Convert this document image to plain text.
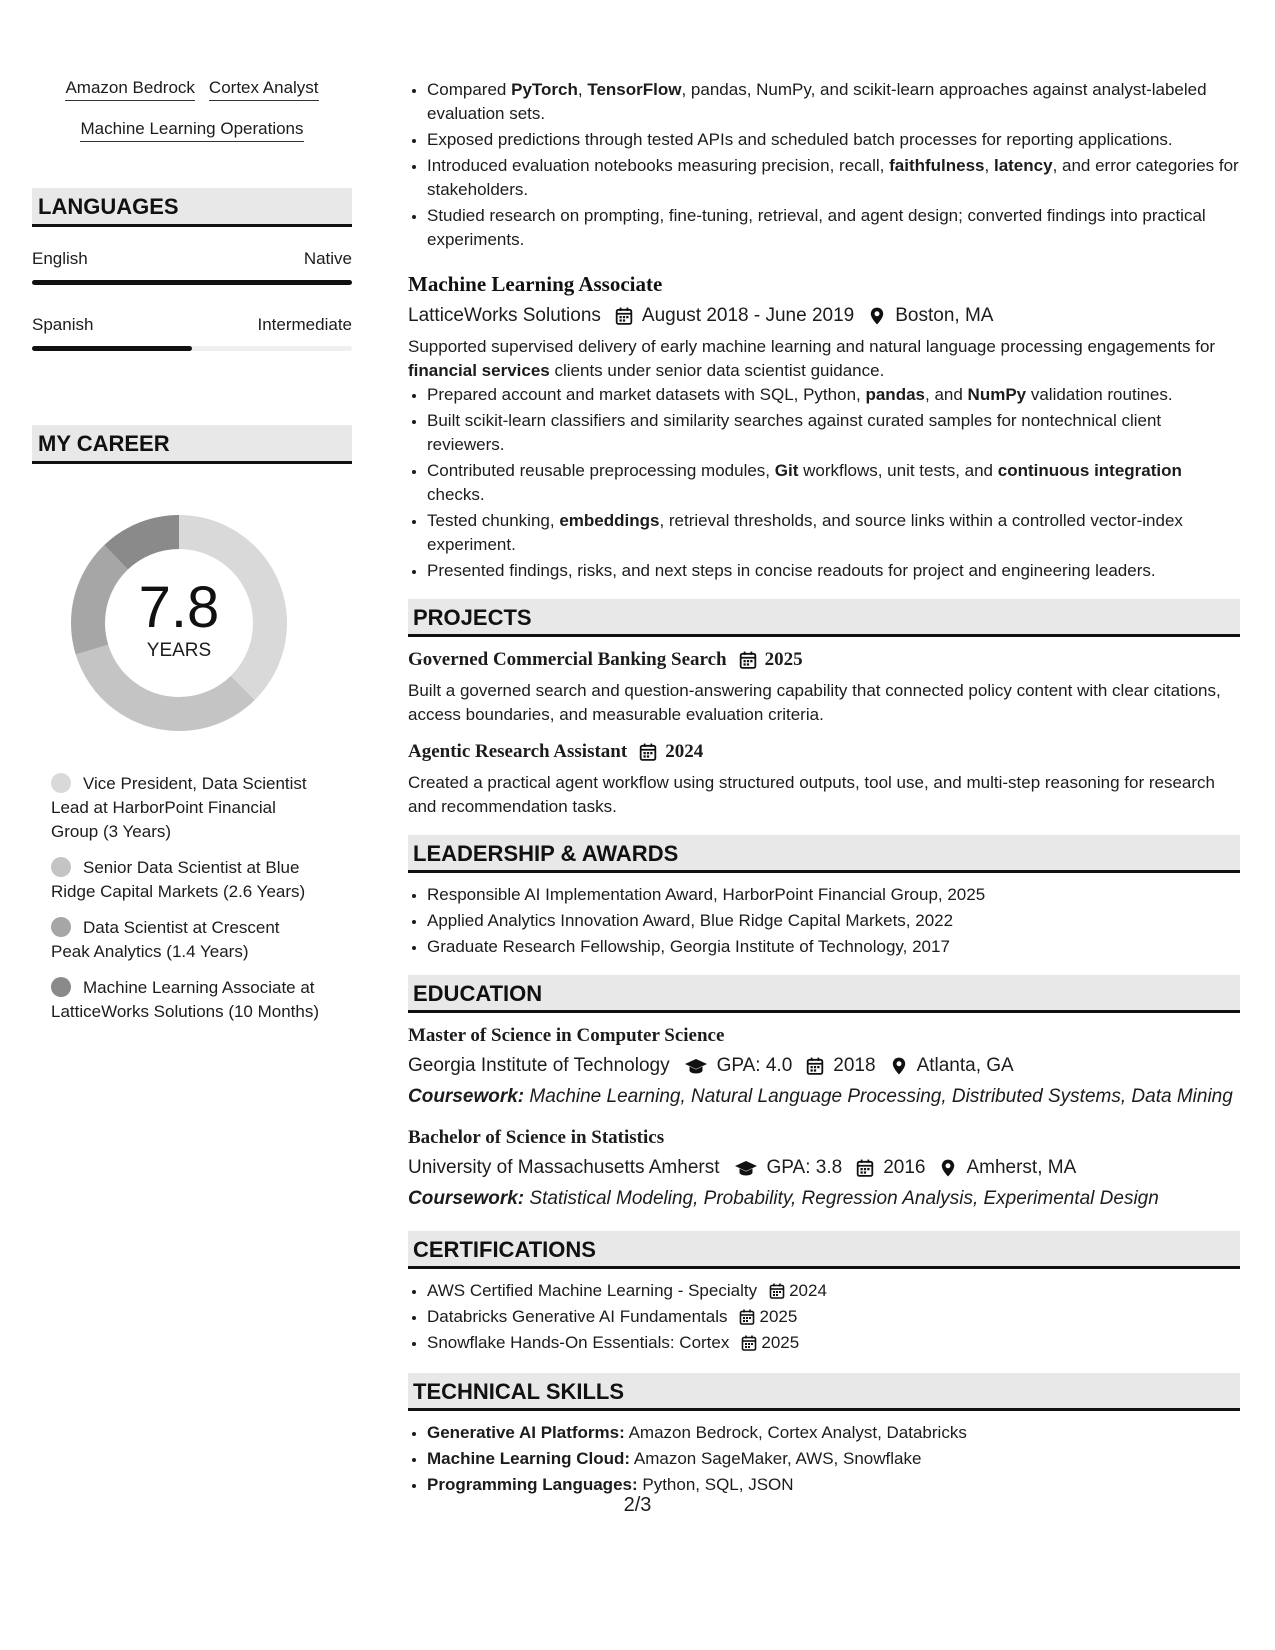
Amazon Bedrock Cortex Analyst
Machine Learning Operations
LANGUAGES
English	Native
Spanish	Intermediate
MY CAREER
7.8
YEARS
Vice President, Data Scientist Lead at HarborPoint Financial Group (3 Years)
Senior Data Scientist at Blue Ridge Capital Markets (2.6 Years)
Data Scientist at Crescent Peak Analytics (1.4 Years)
Machine Learning Associate at LatticeWorks Solutions (10 Months)
• Compared PyTorch, TensorFlow, pandas, NumPy, and scikit-learn approaches against analyst-labeled evaluation sets.
• Exposed predictions through tested APIs and scheduled batch processes for reporting applications.
• Introduced evaluation notebooks measuring precision, recall, faithfulness, latency, and error categories for stakeholders.
• Studied research on prompting, fine-tuning, retrieval, and agent design; converted findings into practical experiments.
Machine Learning Associate
LatticeWorks Solutions August 2018 - June 2019 Boston, MA
Supported supervised delivery of early machine learning and natural language processing engagements for financial services clients under senior data scientist guidance.
• Prepared account and market datasets with SQL, Python, pandas, and NumPy validation routines.
• Built scikit-learn classifiers and similarity searches against curated samples for nontechnical client reviewers.
• Contributed reusable preprocessing modules, Git workflows, unit tests, and continuous integration checks.
• Tested chunking, embeddings, retrieval thresholds, and source links within a controlled vector-index experiment.
• Presented findings, risks, and next steps in concise readouts for project and engineering leaders.
PROJECTS
Governed Commercial Banking Search 2025
Built a governed search and question-answering capability that connected policy content with clear citations, access boundaries, and measurable evaluation criteria.
Agentic Research Assistant 2024
Created a practical agent workflow using structured outputs, tool use, and multi-step reasoning for research and recommendation tasks.
LEADERSHIP & AWARDS
• Responsible AI Implementation Award, HarborPoint Financial Group, 2025
• Applied Analytics Innovation Award, Blue Ridge Capital Markets, 2022
• Graduate Research Fellowship, Georgia Institute of Technology, 2017
EDUCATION
Master of Science in Computer Science
Georgia Institute of Technology GPA: 4.0 2018 Atlanta, GA
Coursework: Machine Learning, Natural Language Processing, Distributed Systems, Data Mining
Bachelor of Science in Statistics
University of Massachusetts Amherst GPA: 3.8 2016 Amherst, MA
Coursework: Statistical Modeling, Probability, Regression Analysis, Experimental Design
CERTIFICATIONS
• AWS Certified Machine Learning - Specialty 2024
• Databricks Generative AI Fundamentals 2025
• Snowflake Hands-On Essentials: Cortex 2025
TECHNICAL SKILLS
• Generative AI Platforms: Amazon Bedrock, Cortex Analyst, Databricks
• Machine Learning Cloud: Amazon SageMaker, AWS, Snowflake
• Programming Languages: Python, SQL, JSON
2/3
